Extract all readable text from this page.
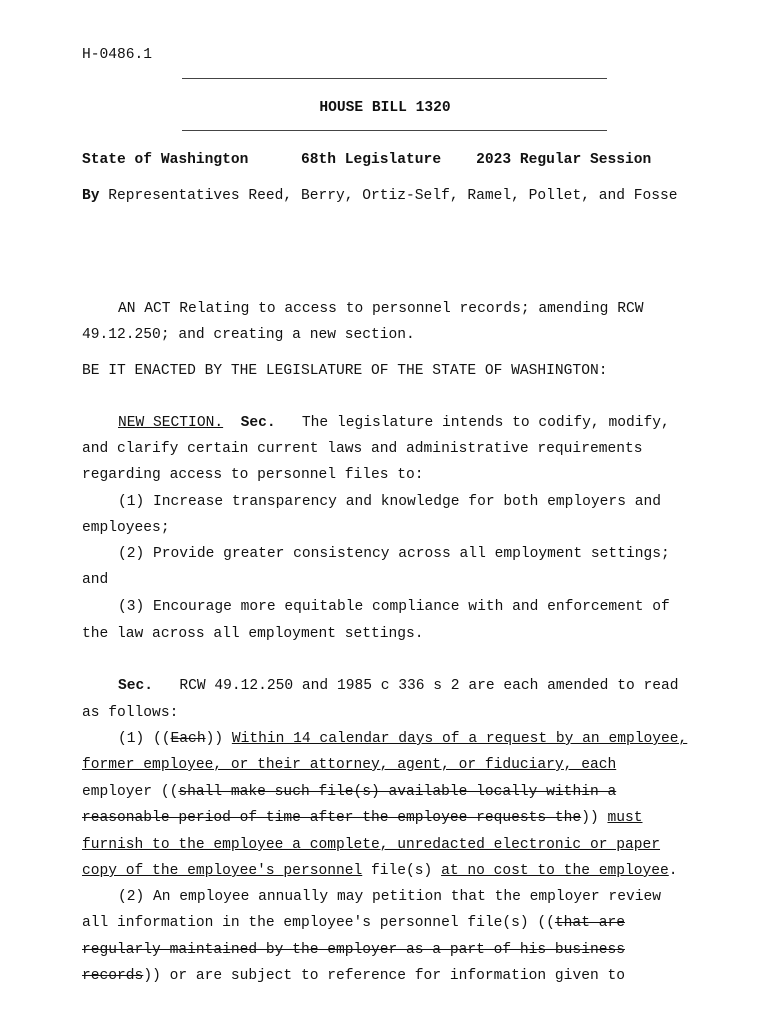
H-0486.1
HOUSE BILL 1320
State of Washington	68th Legislature 2023 Regular Session
By Representatives Reed, Berry, Ortiz-Self, Ramel, Pollet, and Fosse
AN ACT Relating to access to personnel records; amending RCW
49.12.250; and creating a new section.
BE IT ENACTED BY THE LEGISLATURE OF THE STATE OF WASHINGTON:
NEW SECTION. Sec. The legislature intends to codify, modify,
and clarify certain current laws and administrative requirements
regarding access to personnel files to:
(1) Increase transparency and knowledge for both employers and
employees;
(2) Provide greater consistency across all employment settings;
and
(3) Encourage more equitable compliance with and enforcement of
the law across all employment settings.
Sec. RCW 49.12.250 and 1985 c 336 s 2 are each amended to read
as follows:
(1) ((Each)) Within 14 calendar days of a request by an employee,
former employee, or their attorney, agent, or fiduciary, each
employer ((shall make such file(s) available locally within a
reasonable period of time after the employee requests the)) must
furnish to the employee a complete, unredacted electronic or paper
copy of the employee's personnel file(s) at no cost to the employee.
(2) An employee annually may petition that the employer review
all information in the employee's personnel file(s) ((that are
regularly maintained by the employer as a part of his business
records)) or are subject to reference for information given to
